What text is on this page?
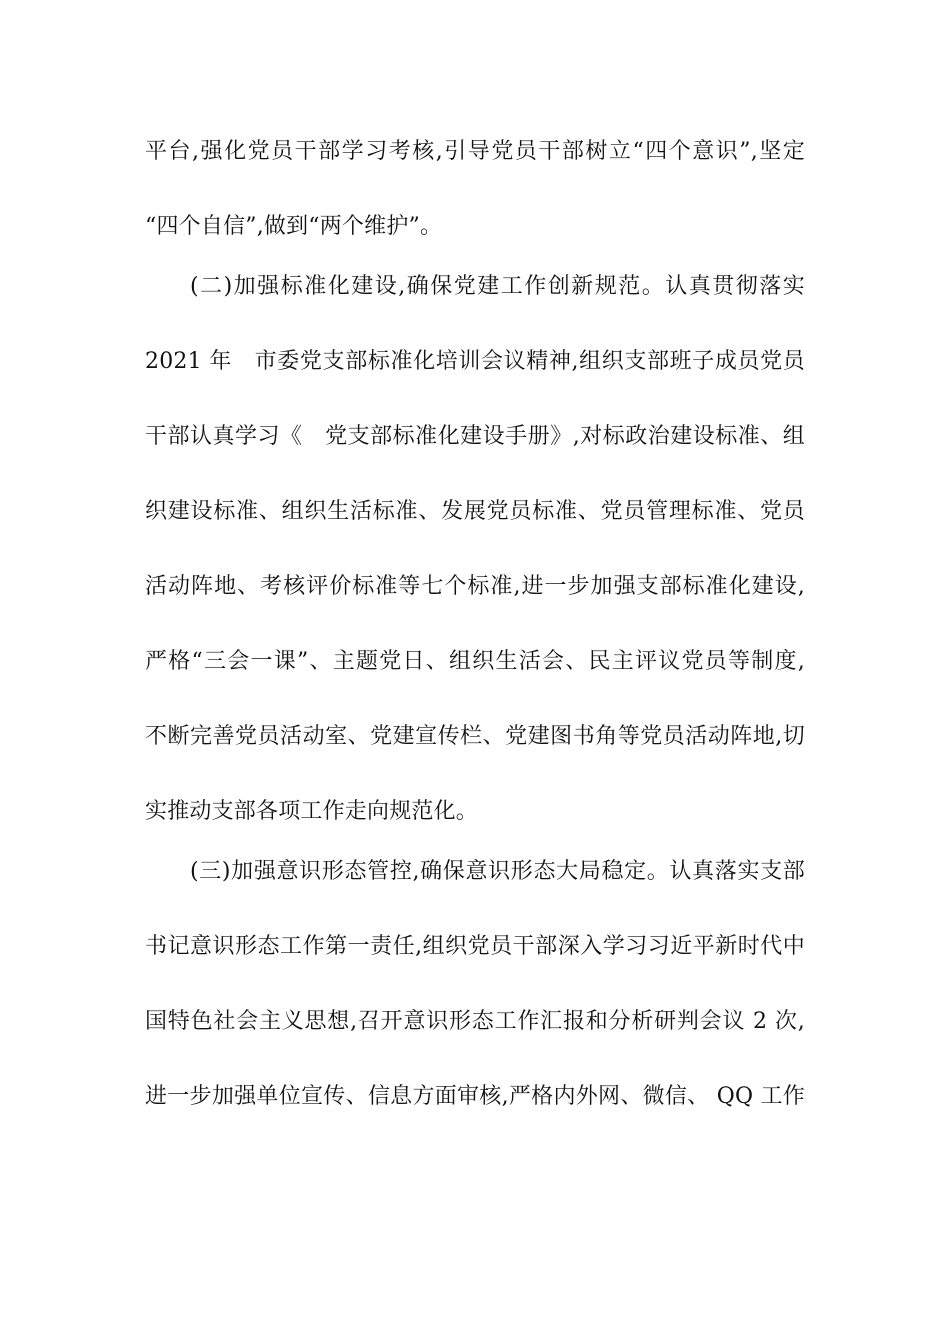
平台,强化党员干部学习考核,引导党员干部树立“四个意识”,坚定
“四个自信”,做到“两个维护”。
(二)加强标准化建设,确保党建工作创新规范。认真贯彻落实
2021 年　市委党支部标准化培训会议精神,组织支部班子成员党员
干部认真学习《　党支部标准化建设手册》,对标政治建设标准、组
织建设标准、组织生活标准、发展党员标准、党员管理标准、党员
活动阵地、考核评价标准等七个标准,进一步加强支部标准化建设,
严格“三会一课”、主题党日、组织生活会、民主评议党员等制度,
不断完善党员活动室、党建宣传栏、党建图书角等党员活动阵地,切
实推动支部各项工作走向规范化。
(三)加强意识形态管控,确保意识形态大局稳定。认真落实支部
书记意识形态工作第一责任,组织党员干部深入学习习近平新时代中
国特色社会主义思想,召开意识形态工作汇报和分析研判会议 2 次,
进一步加强单位宣传、信息方面审核,严格内外网、微信、 QQ 工作
